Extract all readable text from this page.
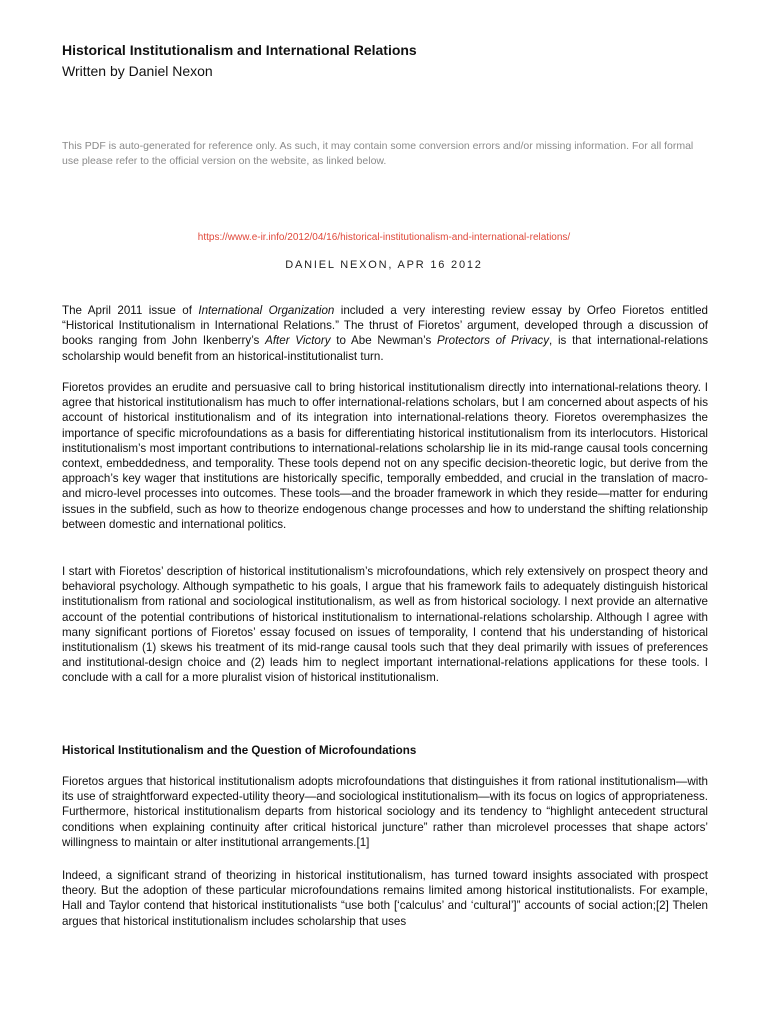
Historical Institutionalism and International Relations

Written by Daniel Nexon

This PDF is auto-generated for reference only. As such, it may contain some conversion errors and/or missing information. For all formal use please refer to the official version on the website, as linked below.

https://www.e-ir.info/2012/04/16/historical-institutionalism-and-international-relations/

DANIEL NEXON, APR 16 2012

The April 2011 issue of International Organization included a very interesting review essay by Orfeo Fioretos entitled “Historical Institutionalism in International Relations.” The thrust of Fioretos’ argument, developed through a discussion of books ranging from John Ikenberry’s After Victory to Abe Newman’s Protectors of Privacy, is that international-relations scholarship would benefit from an historical-institutionalist turn.

Fioretos provides an erudite and persuasive call to bring historical institutionalism directly into international-relations theory. I agree that historical institutionalism has much to offer international-relations scholars, but I am concerned about aspects of his account of historical institutionalism and of its integration into international-relations theory. Fioretos overemphasizes the importance of specific microfoundations as a basis for differentiating historical institutionalism from its interlocutors. Historical institutionalism’s most important contributions to international-relations scholarship lie in its mid-range causal tools concerning context, embeddedness, and temporality. These tools depend not on any specific decision-theoretic logic, but derive from the approach’s key wager that institutions are historically specific, temporally embedded, and crucial in the translation of macro- and micro-level processes into outcomes. These tools—and the broader framework in which they reside—matter for enduring issues in the subfield, such as how to theorize endogenous change processes and how to understand the shifting relationship between domestic and international politics.

I start with Fioretos’ description of historical institutionalism’s microfoundations, which rely extensively on prospect theory and behavioral psychology. Although sympathetic to his goals, I argue that his framework fails to adequately distinguish historical institutionalism from rational and sociological institutionalism, as well as from historical sociology. I next provide an alternative account of the potential contributions of historical institutionalism to international-relations scholarship. Although I agree with many significant portions of Fioretos’ essay focused on issues of temporality, I contend that his understanding of historical institutionalism (1) skews his treatment of its mid-range causal tools such that they deal primarily with issues of preferences and institutional-design choice and (2) leads him to neglect important international-relations applications for these tools. I conclude with a call for a more pluralist vision of historical institutionalism.

Historical Institutionalism and the Question of Microfoundations

Fioretos argues that historical institutionalism adopts microfoundations that distinguishes it from rational institutionalism—with its use of straightforward expected-utility theory—and sociological institutionalism—with its focus on logics of appropriateness. Furthermore, historical institutionalism departs from historical sociology and its tendency to “highlight antecedent structural conditions when explaining continuity after critical historical juncture” rather than microlevel processes that shape actors’ willingness to maintain or alter institutional arrangements.[1]

Indeed, a significant strand of theorizing in historical institutionalism, has turned toward insights associated with prospect theory. But the adoption of these particular microfoundations remains limited among historical institutionalists. For example, Hall and Taylor contend that historical institutionalists “use both [‘calculus’ and ‘cultural’]” accounts of social action;[2] Thelen argues that historical institutionalism includes scholarship that uses
